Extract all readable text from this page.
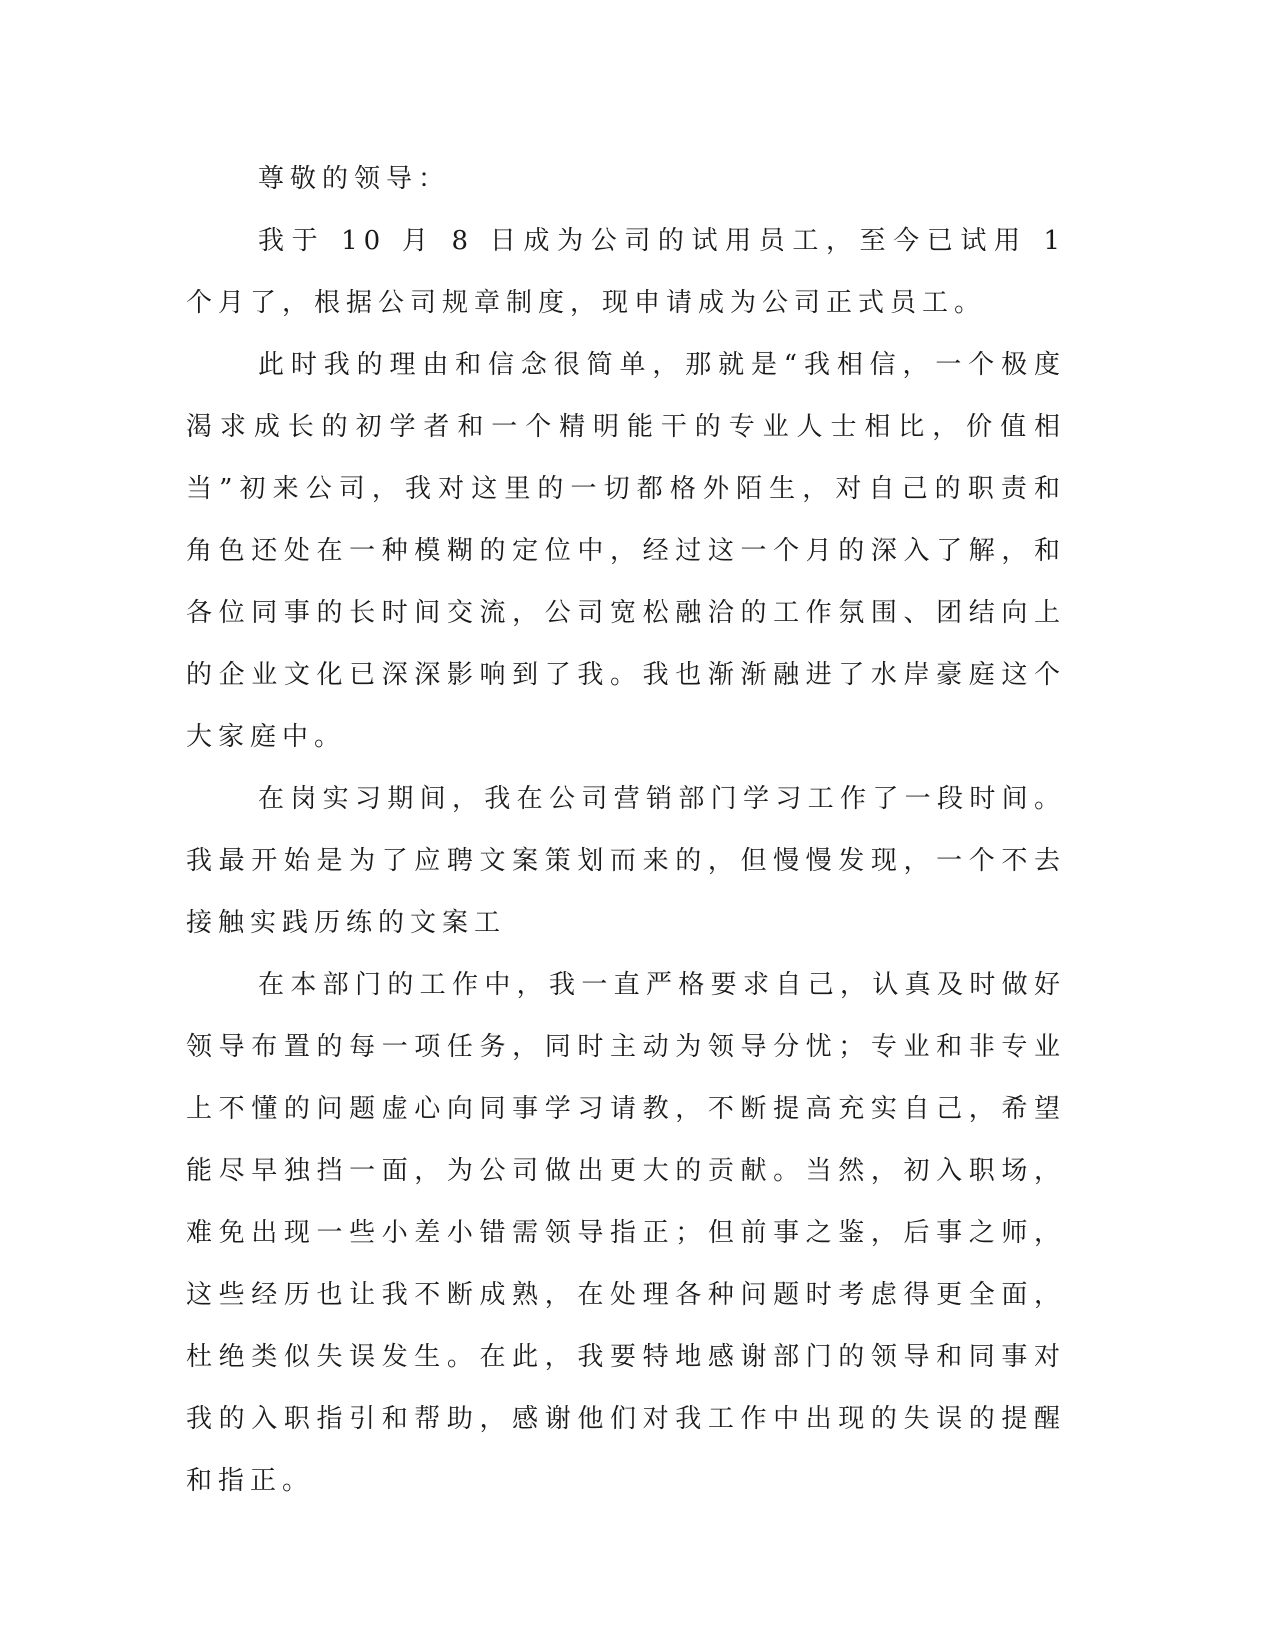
尊敬的领导：

我于 10 月 8 日成为公司的试用员工，至今已试用 1 个月了，根据公司规章制度，现申请成为公司正式员工。

此时我的理由和信念很简单，那就是“我相信，一个极度渴求成长的初学者和一个精明能干的专业人士相比，价值相当”初来公司，我对这里的一切都格外陌生，对自己的职责和角色还处在一种模糊的定位中，经过这一个月的深入了解，和各位同事的长时间交流，公司宽松融洽的工作氛围、团结向上的企业文化已深深影响到了我。我也渐渐融进了水岸豪庭这个大家庭中。

在岗实习期间，我在公司营销部门学习工作了一段时间。我最开始是为了应聘文案策划而来的，但慢慢发现，一个不去接触实践历练的文案工

在本部门的工作中，我一直严格要求自己，认真及时做好领导布置的每一项任务，同时主动为领导分忧；专业和非专业上不懂的问题虚心向同事学习请教，不断提高充实自己，希望能尽早独挡一面，为公司做出更大的贡献。当然，初入职场，难免出现一些小差小错需领导指正；但前事之鉴，后事之师，这些经历也让我不断成熟，在处理各种问题时考虑得更全面，杜绝类似失误发生。在此，我要特地感谢部门的领导和同事对我的入职指引和帮助，感谢他们对我工作中出现的失误的提醒和指正。
